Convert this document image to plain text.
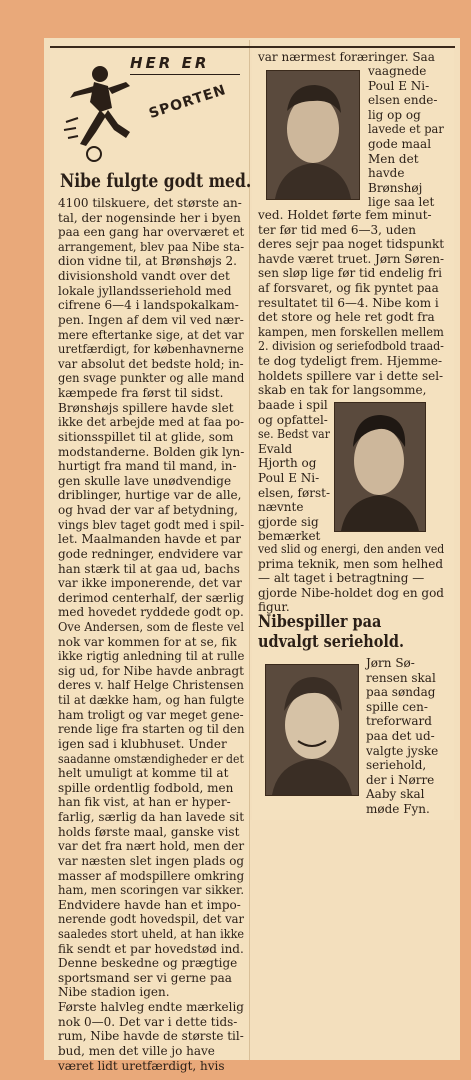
HER ER
SPORTEN
Nibe fulgte godt med.
Nibespiller paa udvalgt seriehold.
4100 tilskuere, det største an-
tal, der nogensinde her i byen
paa een gang har overværet et
arrangement, blev paa Nibe sta-
dion vidne til, at Brønshøjs 2.
divisionshold vandt over det
lokale jyllandsseriehold med
cifrene 6—4 i landspokalkam-
pen. Ingen af dem vil ved nær-
mere eftertanke sige, at det var
uretfærdigt, for københavnerne
var absolut det bedste hold; in-
gen svage punkter og alle mand
kæmpede fra først til sidst.
Brønshøjs spillere havde slet
ikke det arbejde med at faa po-
sitionsspillet til at glide, som
modstanderne. Bolden gik lyn-
hurtigt fra mand til mand, in-
gen skulle lave unødvendige
driblinger, hurtige var de alle,
og hvad der var af betydning,
vings blev taget godt med i spil-
let. Maalmanden havde et par
gode redninger, endvidere var
han stærk til at gaa ud, bachs
var ikke imponerende, det var
derimod centerhalf, der særlig
med hovedet ryddede godt op.
Ove Andersen, som de fleste vel
nok var kommen for at se, fik
ikke rigtig anledning til at rulle
sig ud, for Nibe havde anbragt
deres v. half Helge Christensen
til at dække ham, og han fulgte
ham troligt og var meget gene-
rende lige fra starten og til den
igen sad i klubhuset. Under
saadanne omstændigheder er det
helt umuligt at komme til at
spille ordentlig fodbold, men
han fik vist, at han er hyper-
farlig, særlig da han lavede sit
holds første maal, ganske vist
var det fra nært hold, men der
var næsten slet ingen plads og
masser af modspillere omkring
ham, men scoringen var sikker.
Endvidere havde han et impo-
nerende godt hovedspil, det var
saaledes stort uheld, at han ikke
fik sendt et par hovedstød ind.
Denne beskedne og prægtige
sportsmand ser vi gerne paa
Nibe stadion igen.
Første halvleg endte mærkelig
nok 0—0. Det var i dette tids-
rum, Nibe havde de største til-
bud, men det ville jo have
været lidt uretfærdigt, hvis
var nærmest foræringer. Saa
vaagnede
Poul E Ni-
elsen ende-
lig op og
lavede et par
gode maal
Men det
havde
Brønshøj
lige saa let
ved. Holdet førte fem minut-
ter før tid med 6—3, uden
deres sejr paa noget tidspunkt
havde været truet. Jørn Søren-
sen sløp lige før tid endelig fri
af forsvaret, og fik pyntet paa
resultatet til 6—4. Nibe kom i
det store og hele ret godt fra
kampen, men forskellen mellem
2. division og seriefodbold traad-
te dog tydeligt frem. Hjemme-
holdets spillere var i dette sel-
skab en tak for langsomme,
baade i spil
og opfattel-
se. Bedst var
Evald
Hjorth og
Poul E Ni-
elsen, først-
nævnte
gjorde sig
bemærket
ved slid og energi, den anden ved
prima teknik, men som helhed
— alt taget i betragtning —
gjorde Nibe-holdet dog en god
figur.
Jørn Sø-
rensen skal
paa søndag
spille cen-
treforward
paa det ud-
valgte jyske
seriehold,
der i Nørre
Aaby skal
møde Fyn.
